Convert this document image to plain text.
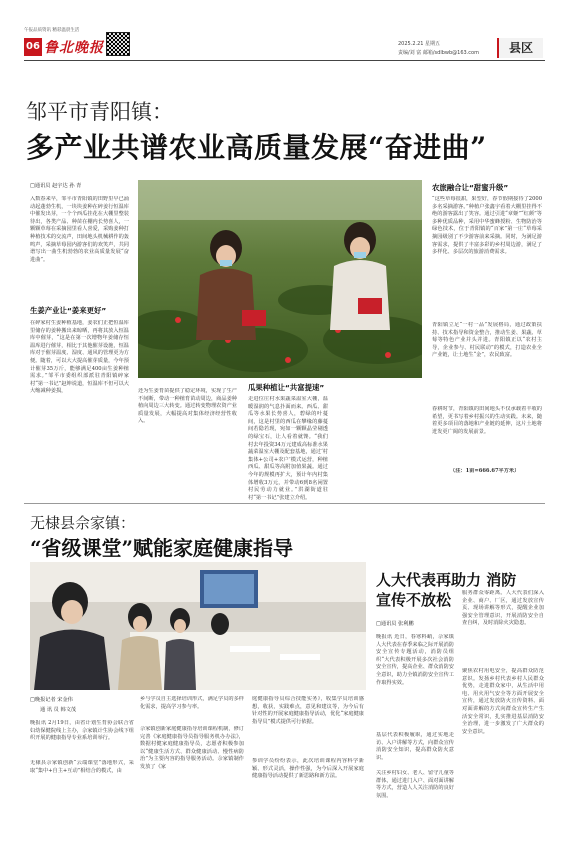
午报品质资讯 精彩温晨生活
06 鲁北晚报	2025.2.21 星期五
责编/刘 富 邮箱/sdlbwb@163.com	县区
邹平市青阳镇：
多产业共谱农业高质量发展“奋进曲”
□通讯员 赵宇达 孙 青
入数春来早，邹平市青阳镇的田野里早已涌动起蓬勃生机，一块块姜种在碎姜行恒温库中催发出芽，一个个西瓜挂花在大棚里整装待出，各类产品、种苗在棚内长势喜人，一颗颗草莓在采摘园里看人喜爱，采购姜种打种植技术的交流声，田间地头机械耕作的轰鸣声，采摘草莓园内游客们的欢笑声，共同谱写出一曲生机勃勃的农业高质量发展“奋进曲”。
生姜产业让“姜来更好”
在碎家村生姜种植基地，姜农们正把恒温库里储存的姜种搬出来晾晒，再将其放入恒温库中催芽，“这是在第一次增物年姜储存恒温库进行催芽，相比于其他催芽设施，恒温库对于催芽温度、湿度、通风的管理更为方便。随着，可以大大提高催芽质量，今年预计催芽35万斤，能够满足400亩生姜种植需求。”邹平市委组织部派驻青阳镇碎家村“第一书记”赵坤说道，恒温库不但可以大大缩减种姜损，	还为生姜育苗提供了稳定环境，实现了生产不间断，带动一种植育苗动周边，商品姜种植向周边三大转变。通过转变物理农资产业质量发展，大幅提高对集体经济经营性收入。
瓜果种植让“共富提速”
走进位庄村水果蔬菜温室大棚，温暖湿润的气息扑面而来。西瓜、甜瓜等水果长势喜人，碧绿的叶蔓间，这是村里的西瓜在攀缘的藤蔓间若隐若现，宛如一颗颗晶莹剔透的绿宝石，让人看着就馋。“我们村去年投资34万元建成高标准水果蔬菜温室大棚及配套基地，通过‘村集体+公司+农户’模式运营，种植西瓜、甜瓜等高附加值果蔬。通过今年的规模再扩大，预计年内村集体增收3万元，并带动6到8名闲置村民劳动力就业。”洪湖街道驻村“第一书记”张建立介绍。
农旅融合让“甜蜜升级”
“这些草莓很甜，果型好，春节假期接待了2000多名采摘游客。”种植户张鑫宇看着大棚里挂得不绝的游客露出了笑容。通过引进“章姬”“红颜”等多种优质品种，采用中华蜜蜂授粉、生物防治等绿色技术，位于青阳镇的“百家”第一庄“草莓采摘园级别了不少游客前来采摘。同时，为满足游客需求，提供了丰富多彩的乡村周边游，满足了多样化、多层次的旅游消费需求。
青阳镇立足“一村一品”发展格局，通过政策扶持、技术指导和资金整合，推动生姜、果蔬、草莓等特色产业并头并进。青阳镇正以“农村主导，企业参与、村民联动”的模式，打造农业全产业链，让土地生“金”，农民致富。
春耕时节，青阳镇的田间地头不仅承载着丰收的希望，更书写着乡村振兴的生动实践。未来，随着更多项目的落地和产业链的延伸，这片土地将迸发更广阔的发展前景。
（注：1亩=666.67平方米）
无棣县佘家镇：
“省级课堂”赋能家庭健康指导
□晚报记者 宋金伟
通 讯 员 韩文茂
晚报讯 2月19日，由省计划生育协会联合省妇幼保健院线上主办，佘家镇计生协会线下组织开展的健康指导专业系培训举行。
无棣县佘家镇创新“云端课堂”落地形式，采取“集中+自主+互动”相结合的模式，由
乡与学员自主选择培训形式，满足学员的多样化需求，提高学习参与率。
佘家镇创新家庭健康指导培训课程机制，修订完善《家庭健康指导员指导服务机办办法》，数据村健家庭健康指导员，志愿者积极参加以“健康生活方式、群众健康活动、慢性病防治”为主要内容的指导服务活动。佘家镇制作发放了《家
庭健康指导员综合技能实务》，收集学员培训感想，收获，实践难点，意见和建议等，为今后有针对性的开展家庭健康指导活动，优化“家庭健康指导员”模式提供可行依据。
参训学员纷纷表示，此次培训课程内容科学新颖、形式灵活，操作性强，为今后深入开展家庭健康指导活动提供了新思路和新方法。
人大代表再助力 消防宣传不放松
□通讯员 张利鹏
晚报讯 近日，春寒料峭，佘家镇人大代表在春季来临之际开展消防安全宣传专题活动，消防员组织“大代表积极开展多次社会消防安全宣传，提高企业、群众消防安全意识，助力全镇消防安全宣传工作取得实效。
基层代表积极履职，通过实地走访、入户讲解等方式，向群众宣传消防安全知识，提高群众防火意识。
关注乡村妇女、老人、留守儿童等群体，通过进门入户、面对面讲解等方式，营造人人关注消防的良好氛围。
服务群众零距离。人大代表们深入企业、商户、厂区，通过发放宣传页、现场讲解等形式，提醒企业加强安全管理意识，开展消防安全自查自纠，及时消除火灾隐患。
聚焦农村用电安全，提高群众防范意识。发扬乡村代表乡村人民群众优势，走进群众家中，从生活中用电、用火用气安全等方面开展安全宣传，通过发放防火宣传资料、面对面讲解的方式向群众宣传生产生活安全常识，扎实推进基层消防安全治理，进一步激发了广大群众的安全意识。
